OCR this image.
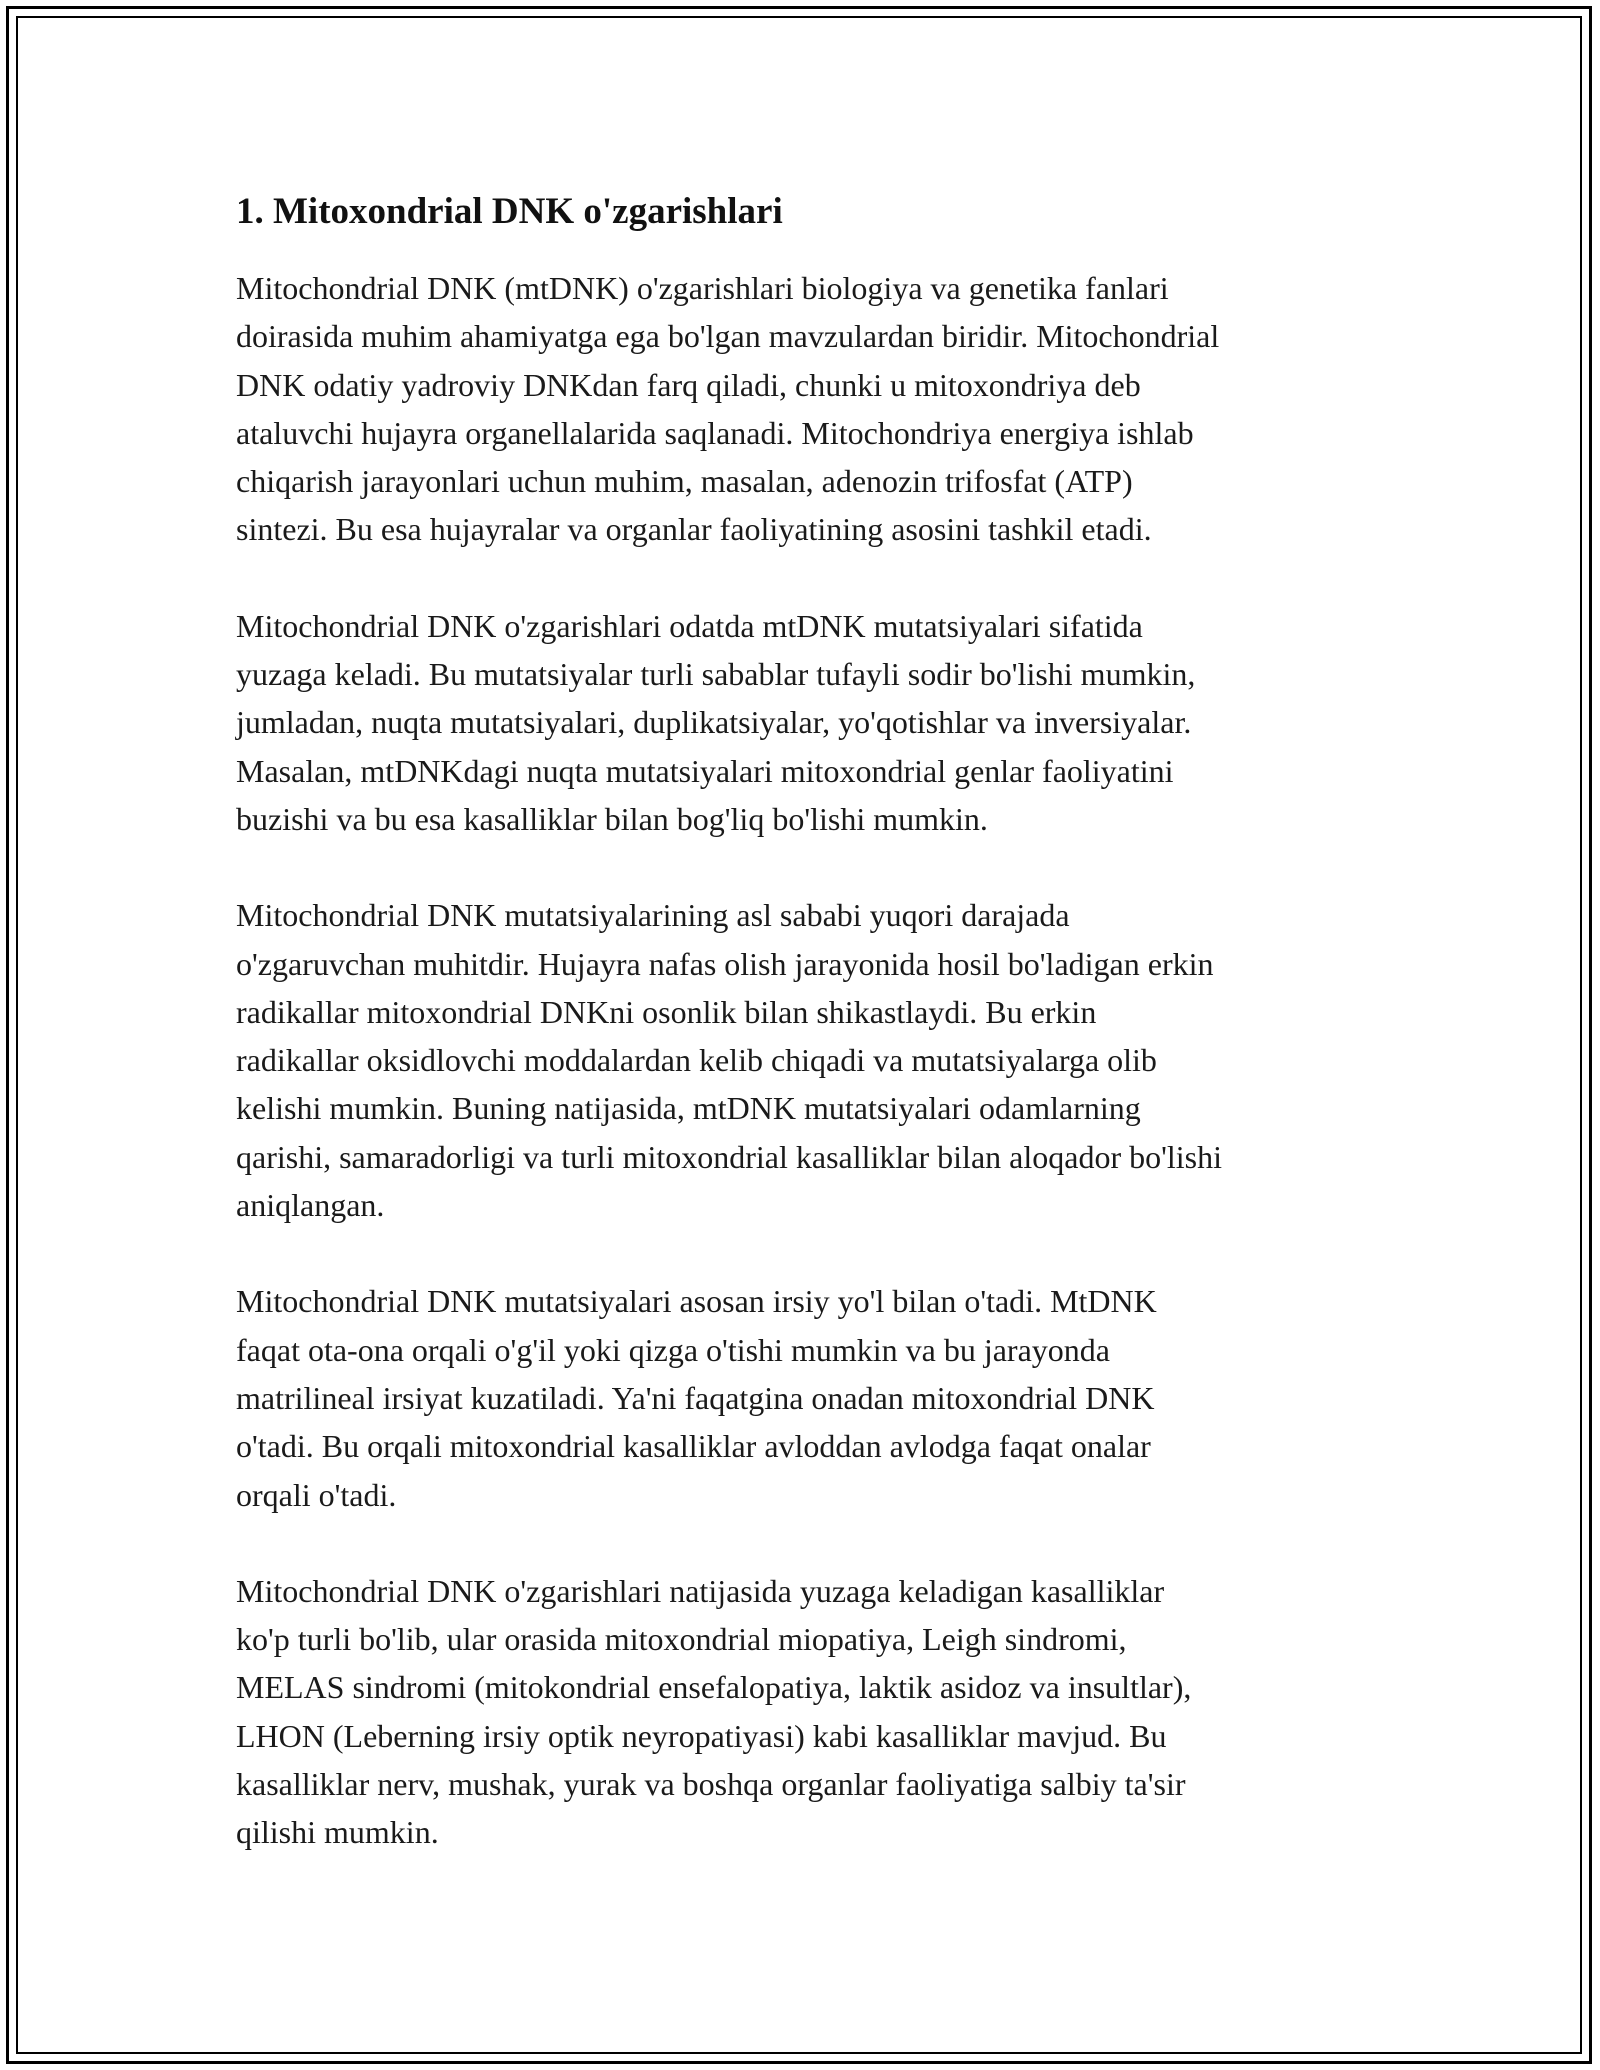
1. Mitoxondrial DNK o'zgarishlari

Mitochondrial DNK (mtDNK) o'zgarishlari biologiya va genetika fanlari
doirasida muhim ahamiyatga ega bo'lgan mavzulardan biridir. Mitochondrial
DNK odatiy yadroviy DNKdan farq qiladi, chunki u mitoxondriya deb
ataluvchi hujayra organellalarida saqlanadi. Mitochondriya energiya ishlab
chiqarish jarayonlari uchun muhim, masalan, adenozin trifosfat (ATP)
sintezi. Bu esa hujayralar va organlar faoliyatining asosini tashkil etadi.

Mitochondrial DNK o'zgarishlari odatda mtDNK mutatsiyalari sifatida
yuzaga keladi. Bu mutatsiyalar turli sabablar tufayli sodir bo'lishi mumkin,
jumladan, nuqta mutatsiyalari, duplikatsiyalar, yo'qotishlar va inversiyalar.
Masalan, mtDNKdagi nuqta mutatsiyalari mitoxondrial genlar faoliyatini
buzishi va bu esa kasalliklar bilan bog'liq bo'lishi mumkin.

Mitochondrial DNK mutatsiyalarining asl sababi yuqori darajada
o'zgaruvchan muhitdir. Hujayra nafas olish jarayonida hosil bo'ladigan erkin
radikallar mitoxondrial DNKni osonlik bilan shikastlaydi. Bu erkin
radikallar oksidlovchi moddalardan kelib chiqadi va mutatsiyalarga olib
kelishi mumkin. Buning natijasida, mtDNK mutatsiyalari odamlarning
qarishi, samaradorligi va turli mitoxondrial kasalliklar bilan aloqador bo'lishi
aniqlangan.

Mitochondrial DNK mutatsiyalari asosan irsiy yo'l bilan o'tadi. MtDNK
faqat ota-ona orqali o'g'il yoki qizga o'tishi mumkin va bu jarayonda
matrilineal irsiyat kuzatiladi. Ya'ni faqatgina onadan mitoxondrial DNK
o'tadi. Bu orqali mitoxondrial kasalliklar avloddan avlodga faqat onalar
orqali o'tadi.

Mitochondrial DNK o'zgarishlari natijasida yuzaga keladigan kasalliklar
ko'p turli bo'lib, ular orasida mitoxondrial miopatiya, Leigh sindromi,
MELAS sindromi (mitokondrial ensefalopatiya, laktik asidoz va insultlar),
LHON (Leberning irsiy optik neyropatiyasi) kabi kasalliklar mavjud. Bu
kasalliklar nerv, mushak, yurak va boshqa organlar faoliyatiga salbiy ta'sir
qilishi mumkin.
